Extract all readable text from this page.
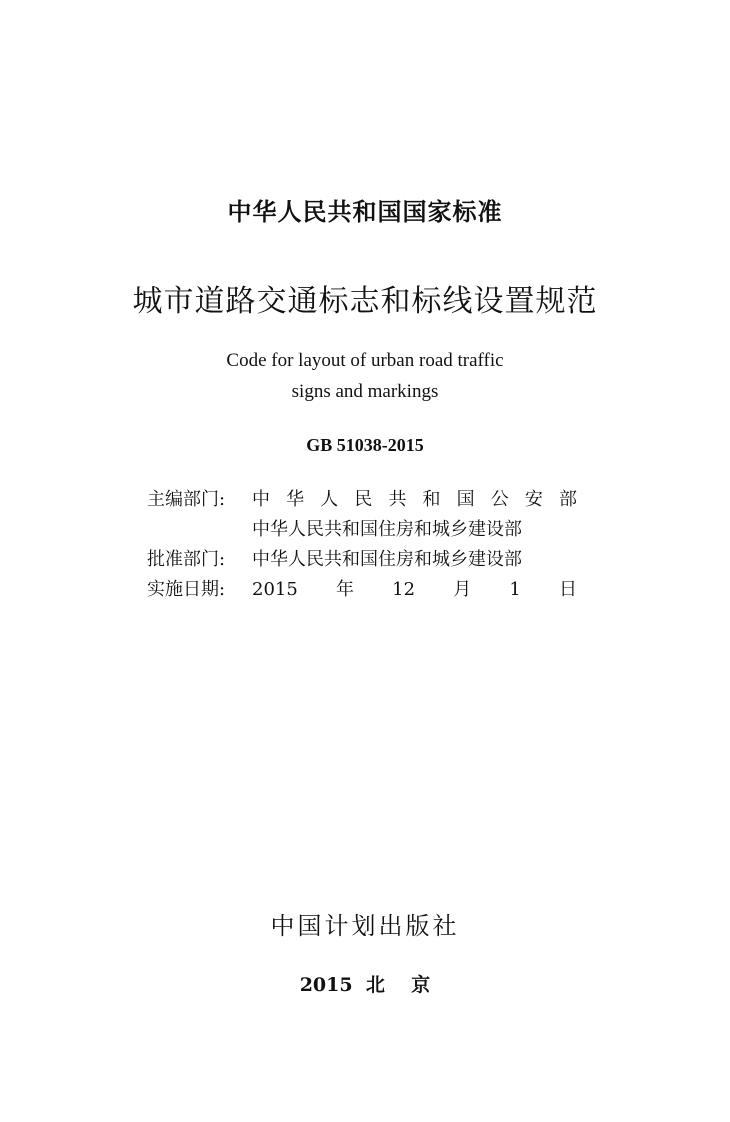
中华人民共和国国家标准
城市道路交通标志和标线设置规范
Code for layout of urban road traffic
signs and markings
GB 51038-2015
主编部门:	中华人民共和国公安部
中华人民共和国住房和城乡建设部
批准部门:	中华人民共和国住房和城乡建设部
实施日期:	2015年12月1日
中国计划出版社
2015  北    京
